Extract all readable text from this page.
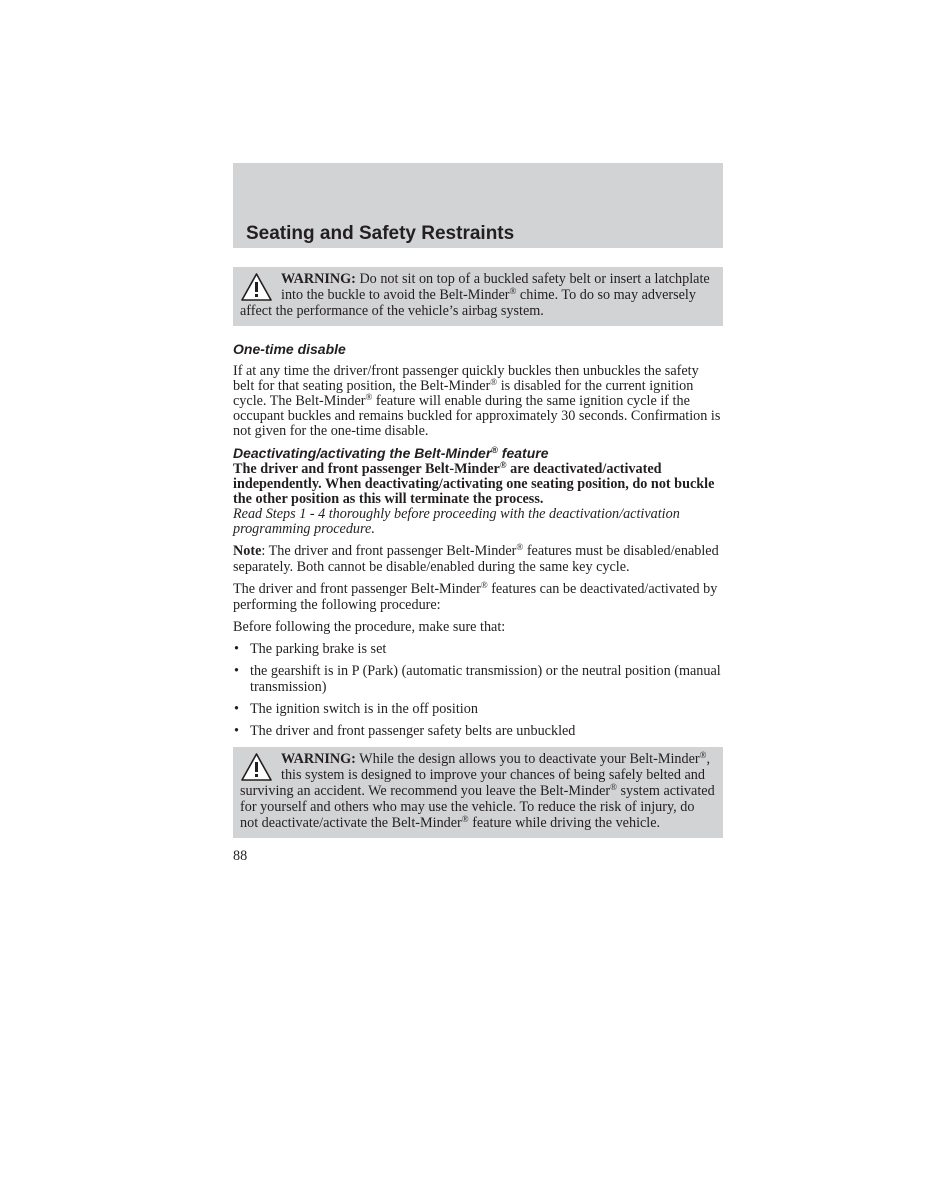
Seating and Safety Restraints
WARNING: Do not sit on top of a buckled safety belt or insert a latchplate into the buckle to avoid the Belt-Minder® chime. To do so may adversely affect the performance of the vehicle’s airbag system.
One-time disable

If at any time the driver/front passenger quickly buckles then unbuckles the safety belt for that seating position, the Belt-Minder® is disabled for the current ignition cycle. The Belt-Minder® feature will enable during the same ignition cycle if the occupant buckles and remains buckled for approximately 30 seconds. Confirmation is not given for the one-time disable.

Deactivating/activating the Belt-Minder® feature

The driver and front passenger Belt-Minder® are deactivated/activated independently. When deactivating/activating one seating position, do not buckle the other position as this will terminate the process.

Read Steps 1 - 4 thoroughly before proceeding with the deactivation/activation programming procedure.

Note: The driver and front passenger Belt-Minder® features must be disabled/enabled separately. Both cannot be disable/enabled during the same key cycle.

The driver and front passenger Belt-Minder® features can be deactivated/activated by performing the following procedure:

Before following the procedure, make sure that:

• The parking brake is set
• the gearshift is in P (Park) (automatic transmission) or the neutral position (manual transmission)
• The ignition switch is in the off position
• The driver and front passenger safety belts are unbuckled
WARNING: While the design allows you to deactivate your Belt-Minder®, this system is designed to improve your chances of being safely belted and surviving an accident. We recommend you leave the Belt-Minder® system activated for yourself and others who may use the vehicle. To reduce the risk of injury, do not deactivate/activate the Belt-Minder® feature while driving the vehicle.
88
